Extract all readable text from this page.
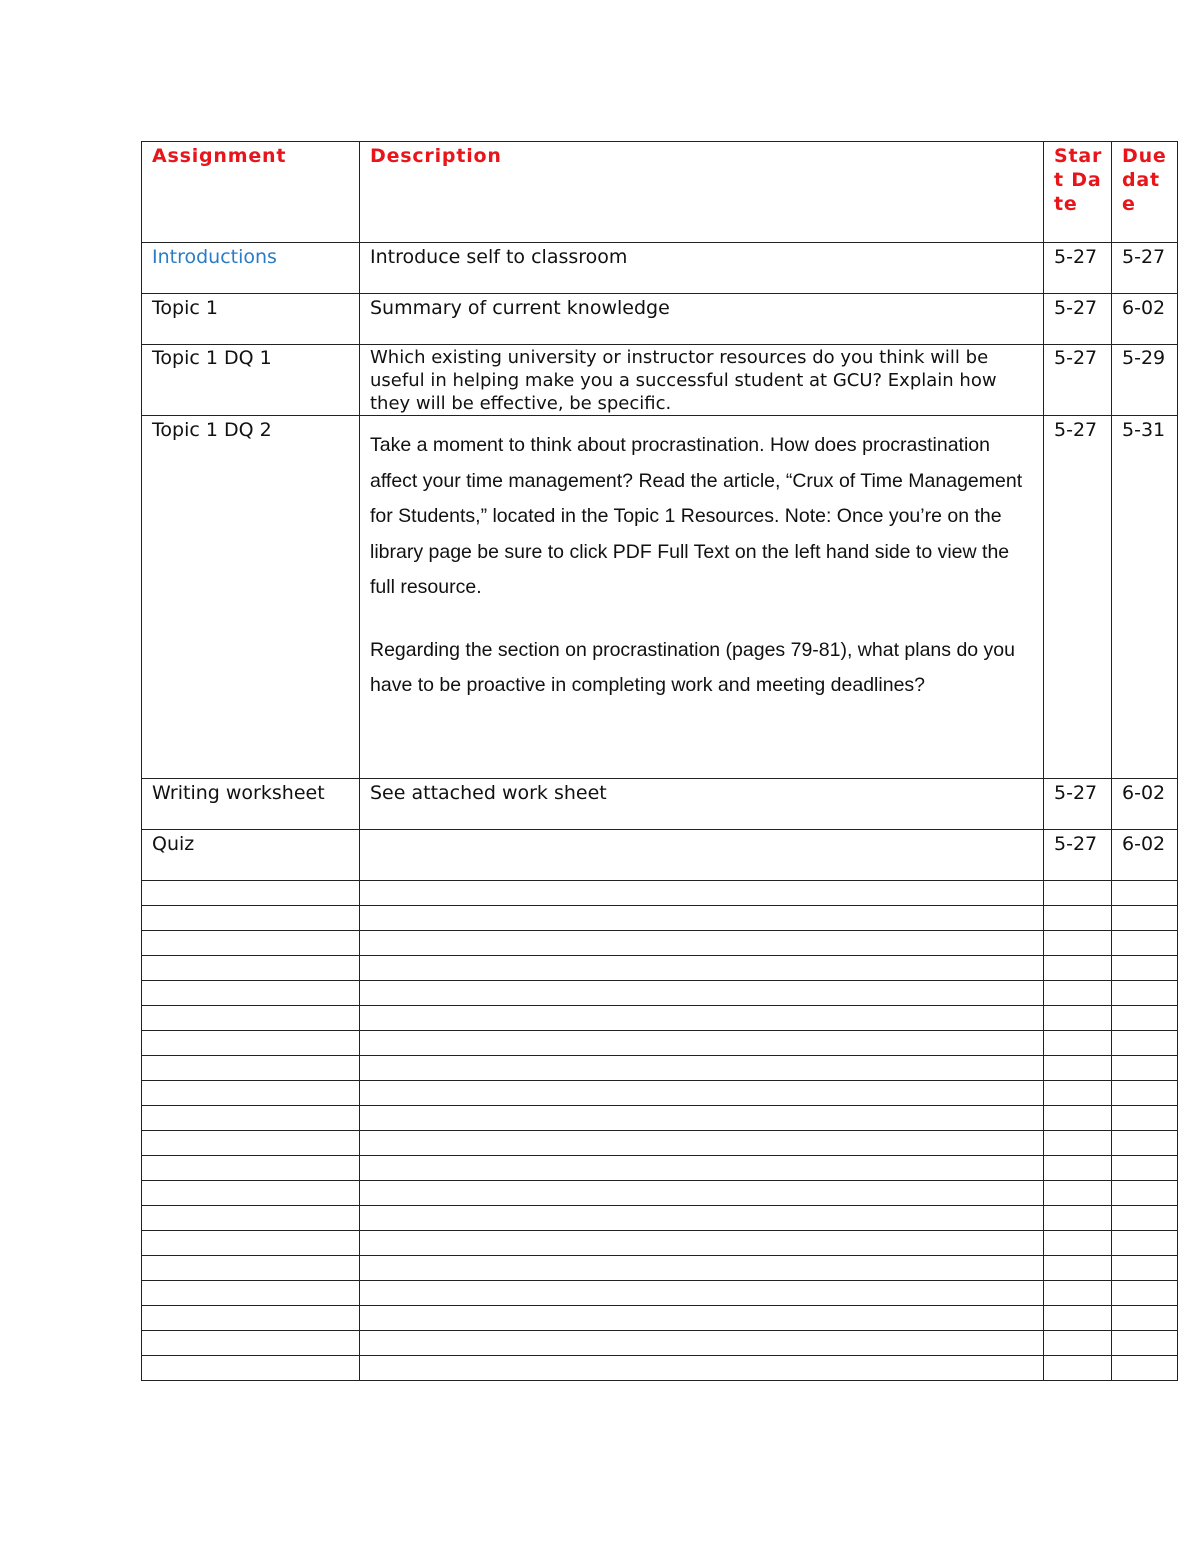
Assignment	Description	Start Date	Due date
Introductions	Introduce self to classroom	5-27	5-27
Topic 1	Summary of current knowledge	5-27	6-02
Topic 1 DQ 1	Which existing university or instructor resources do you think will be useful in helping make you a successful student at GCU? Explain how they will be effective, be specific.	5-27	5-29
Topic 1 DQ 2	Take a moment to think about procrastination. How does procrastination affect your time management? Read the article, “Crux of Time Management for Students,” located in the Topic 1 Resources. Note: Once you’re on the library page be sure to click PDF Full Text on the left hand side to view the full resource.

Regarding the section on procrastination (pages 79-81), what plans do you have to be proactive in completing work and meeting deadlines?	5-27	5-31
Writing worksheet	See attached work sheet	5-27	6-02
Quiz		5-27	6-02
